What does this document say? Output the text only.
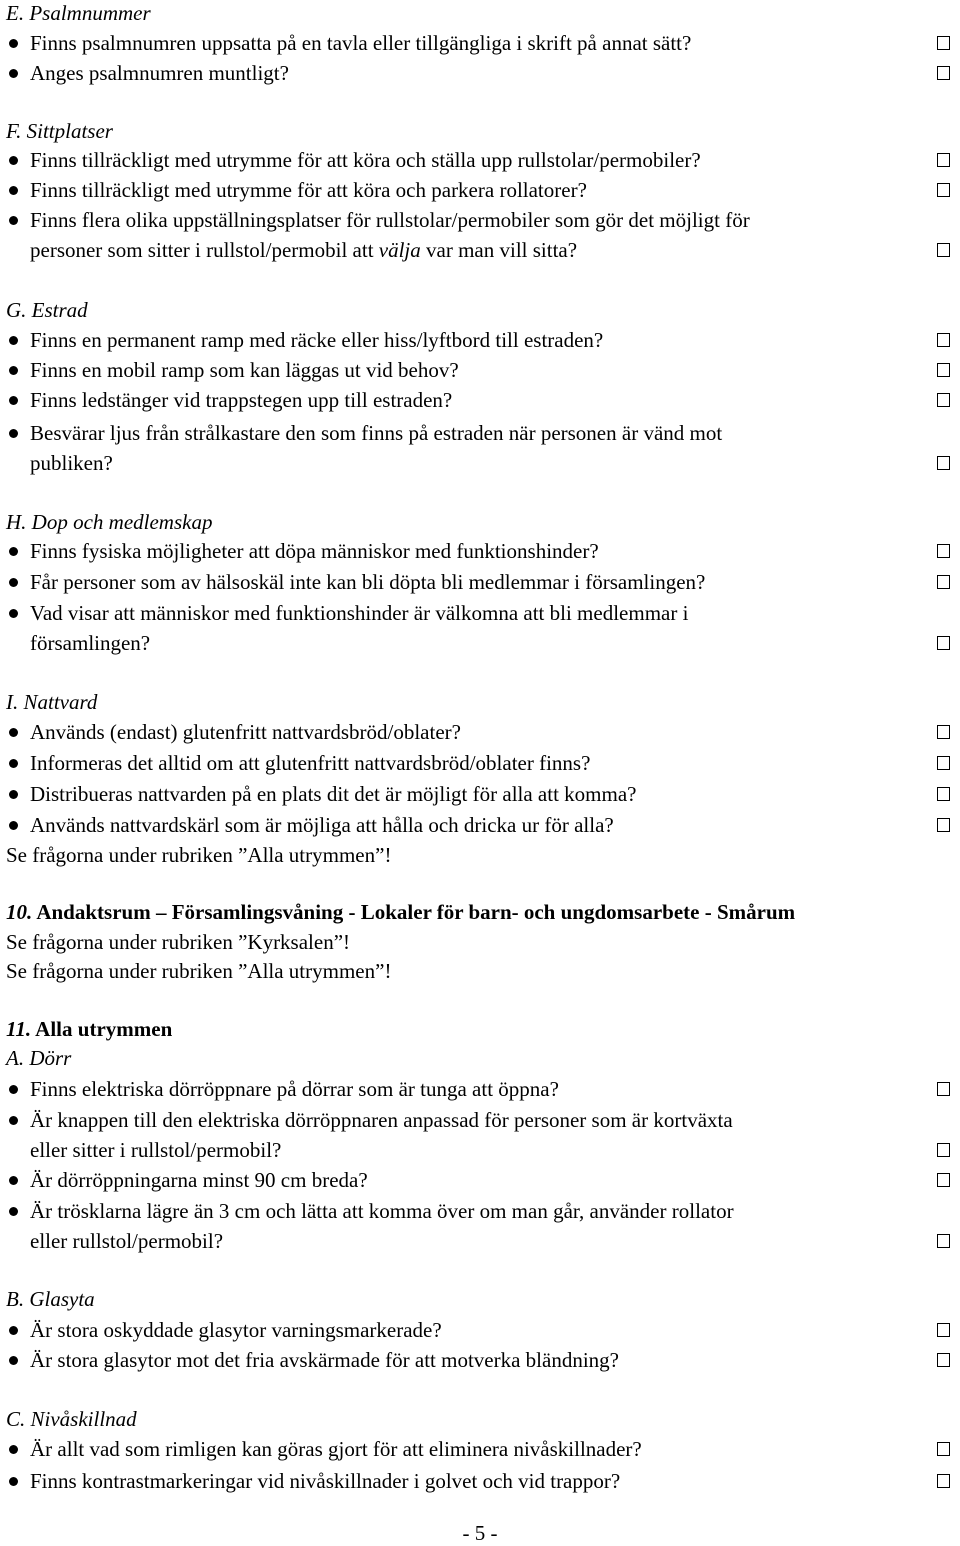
E. Psalmnummer
Finns psalmnumren uppsatta på en tavla eller tillgängliga i skrift på annat sätt?
Anges psalmnumren muntligt?
F. Sittplatser
Finns tillräckligt med utrymme för att köra och ställa upp rullstolar/permobiler?
Finns tillräckligt med utrymme för att köra och parkera rollatorer?
Finns flera olika uppställningsplatser för rullstolar/permobiler som gör det möjligt för
personer som sitter i rullstol/permobil att välja var man vill sitta?
G. Estrad
Finns en permanent ramp med räcke eller hiss/lyftbord till estraden?
Finns en mobil ramp som kan läggas ut vid behov?
Finns ledstänger vid trappstegen upp till estraden?
Besvärar ljus från strålkastare den som finns på estraden när personen är vänd mot
publiken?
H. Dop och medlemskap
Finns fysiska möjligheter att döpa människor med funktionshinder?
Får personer som av hälsoskäl inte kan bli döpta bli medlemmar i församlingen?
Vad visar att människor med funktionshinder är välkomna att bli medlemmar i
församlingen?
I. Nattvard
Används (endast) glutenfritt nattvardsbröd/oblater?
Informeras det alltid om att glutenfritt nattvardsbröd/oblater finns?
Distribueras nattvarden på en plats dit det är möjligt för alla att komma?
Används nattvardskärl som är möjliga att hålla och dricka ur för alla?
Se frågorna under rubriken ”Alla utrymmen”!
10. Andaktsrum – Församlingsvåning - Lokaler för barn- och ungdomsarbete - Smårum
Se frågorna under rubriken ”Kyrksalen”!
Se frågorna under rubriken ”Alla utrymmen”!
11. Alla utrymmen
A. Dörr
Finns elektriska dörröppnare på dörrar som är tunga att öppna?
Är knappen till den elektriska dörröppnaren anpassad för personer som är kortväxta
eller sitter i rullstol/permobil?
Är dörröppningarna minst 90 cm breda?
Är trösklarna lägre än 3 cm och lätta att komma över om man går, använder rollator
eller rullstol/permobil?
B. Glasyta
Är stora oskyddade glasytor varningsmarkerade?
Är stora glasytor mot det fria avskärmade för att motverka bländning?
C. Nivåskillnad
Är allt vad som rimligen kan göras gjort för att eliminera nivåskillnader?
Finns kontrastmarkeringar vid nivåskillnader i golvet och vid trappor?
- 5 -
